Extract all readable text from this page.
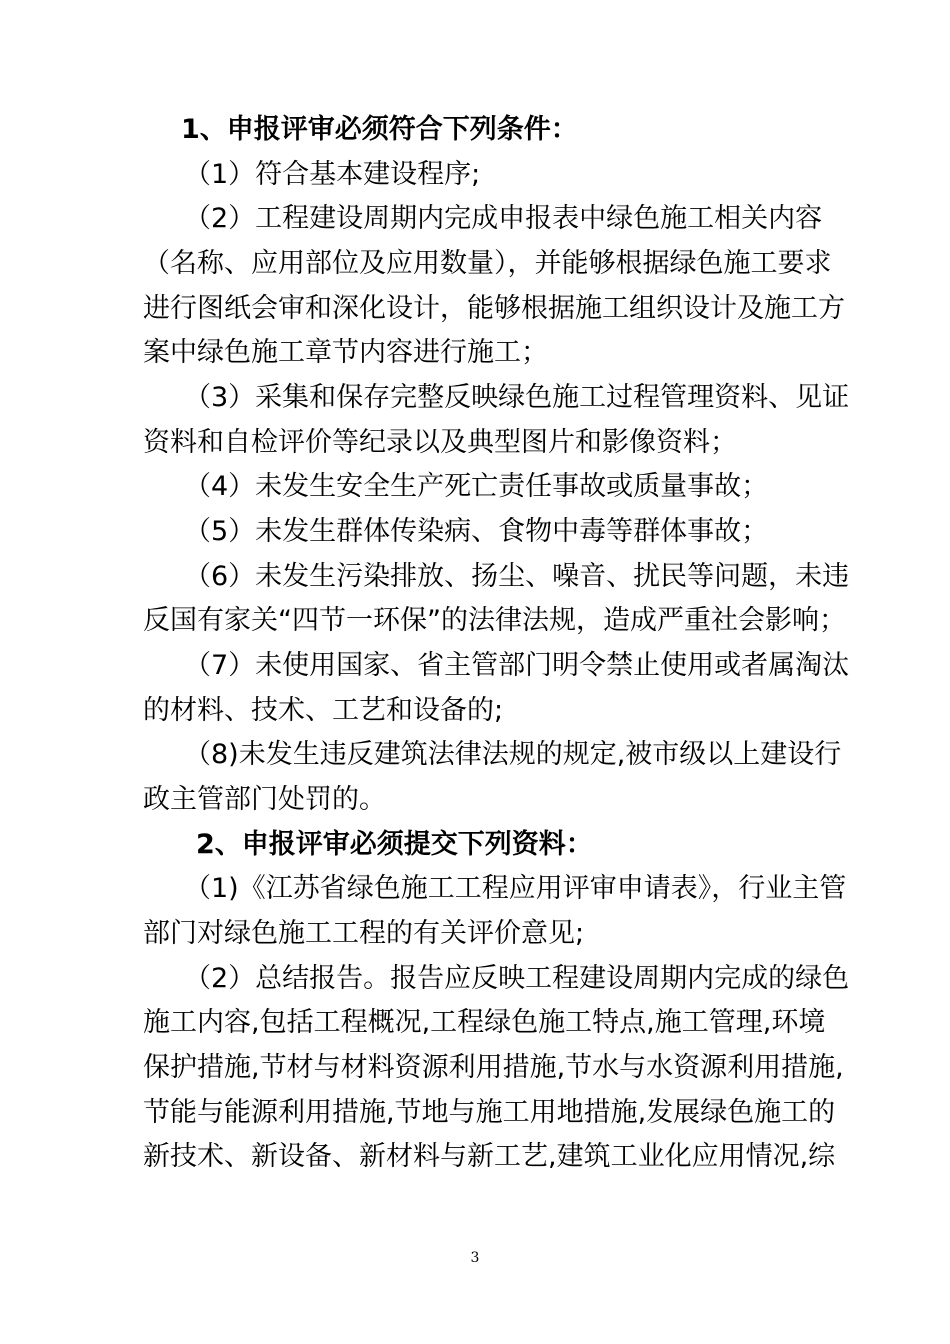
1、申报评审必须符合下列条件：
（1）符合基本建设程序;
（2）工程建设周期内完成申报表中绿色施工相关内容
（名称、应用部位及应用数量），并能够根据绿色施工要求
进行图纸会审和深化设计，能够根据施工组织设计及施工方
案中绿色施工章节内容进行施工；
（3）采集和保存完整反映绿色施工过程管理资料、见证
资料和自检评价等纪录以及典型图片和影像资料；
（4）未发生安全生产死亡责任事故或质量事故；
（5）未发生群体传染病、食物中毒等群体事故；
（6）未发生污染排放、扬尘、噪音、扰民等问题，未违
反国有家关“四节一环保”的法律法规，造成严重社会影响；
（7）未使用国家、省主管部门明令禁止使用或者属淘汰
的材料、技术、工艺和设备的;
（8)未发生违反建筑法律法规的规定,被市级以上建设行
政主管部门处罚的。
2、申报评审必须提交下列资料：
（1)《江苏省绿色施工工程应用评审申请表》，行业主管
部门对绿色施工工程的有关评价意见;
（2）总结报告。报告应反映工程建设周期内完成的绿色
施工内容,包括工程概况,工程绿色施工特点,施工管理,环境
保护措施,节材与材料资源利用措施,节水与水资源利用措施,
节能与能源利用措施,节地与施工用地措施,发展绿色施工的
新技术、新设备、新材料与新工艺,建筑工业化应用情况,综
3
